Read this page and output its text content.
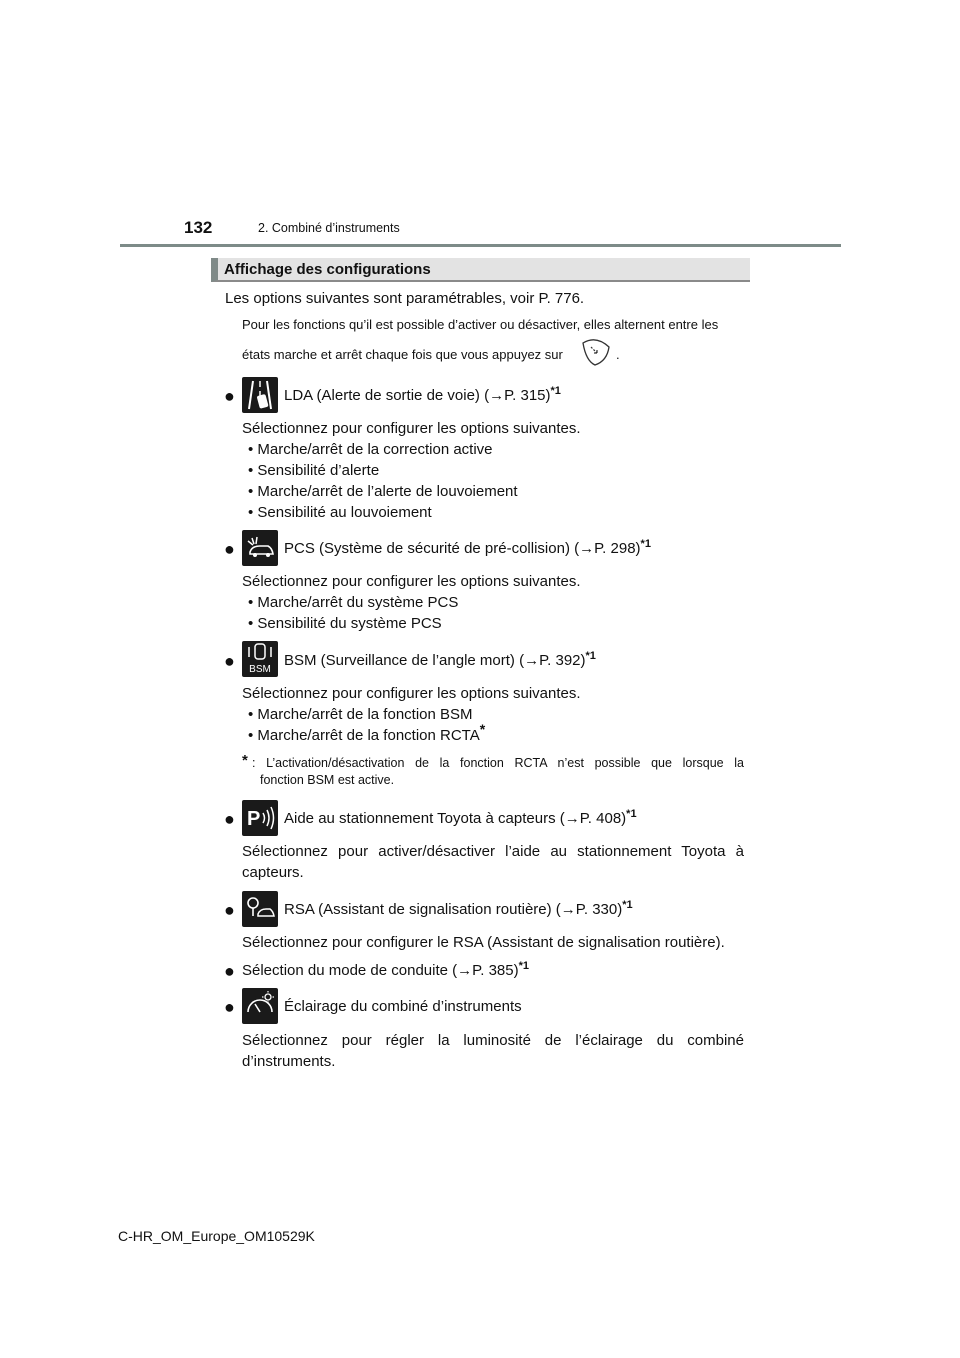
132	2. Combiné d’instruments
Affichage des configurations
Les options suivantes sont paramétrables, voir P. 776.
Pour les fonctions qu’il est possible d’activer ou désactiver, elles alternent entre les
états marche et arrêt chaque fois que vous appuyez sur	.
●	LDA (Alerte de sortie de voie) (→P. 315)$^{*1}$
Sélectionnez pour configurer les options suivantes.
• Marche/arrêt de la correction active
• Sensibilité d’alerte
• Marche/arrêt de l’alerte de louvoiement
• Sensibilité au louvoiement
●	PCS (Système de sécurité de pré-collision) (→P. 298)$^{*1}$
Sélectionnez pour configurer les options suivantes.
• Marche/arrêt du système PCS
• Sensibilité du système PCS
● BSM
BSM (Surveillance de l’angle mort) (→P. 392)$^{*1}$
Sélectionnez pour configurer les options suivantes.
• Marche/arrêt de la fonction BSM
• Marche/arrêt de la fonction RCTA*
* : L’activation/désactivation de la fonction RCTA n’est possible que lorsque la
fonction BSM est active.
● P Aide au stationnement Toyota à capteurs (→P. 408)$^{*1}$
Sélectionnez pour activer/désactiver l’aide au stationnement Toyota à
capteurs.
●	RSA (Assistant de signalisation routière) (→P. 330)$^{*1}$
Sélectionnez pour configurer le RSA (Assistant de signalisation routière).
● Sélection du mode de conduite (→P. 385)$^{*1}$
●	Éclairage du combiné d’instruments
Sélectionnez pour régler la luminosité de l’éclairage du combiné
d’instruments.
C-HR_OM_Europe_OM10529K
